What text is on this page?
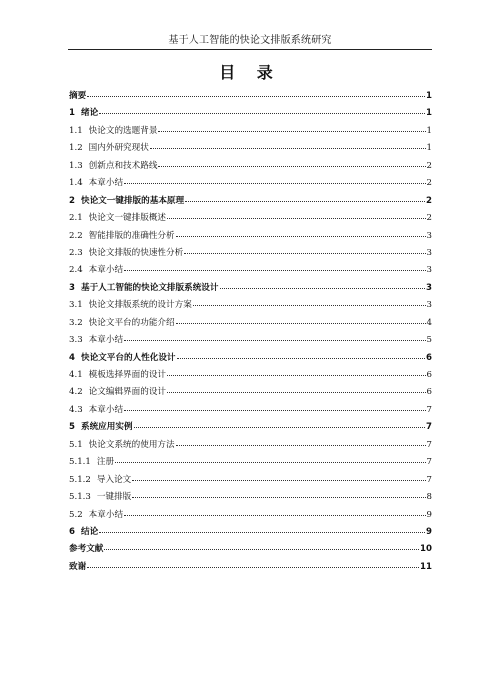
基于人工智能的快论文排版系统研究
目 录
摘要	1
1 绪论	1
1.1 快论文的选题背景	1
1.2 国内外研究现状	1
1.3 创新点和技术路线	2
1.4 本章小结	2
2 快论文一键排版的基本原理	2
2.1 快论文一键排版概述	2
2.2 智能排版的准确性分析	3
2.3 快论文排版的快速性分析	3
2.4 本章小结	3
3 基于人工智能的快论文排版系统设计	3
3.1 快论文排版系统的设计方案	3
3.2 快论文平台的功能介绍	4
3.3 本章小结	5
4 快论文平台的人性化设计	6
4.1 模板选择界面的设计	6
4.2 论文编辑界面的设计	6
4.3 本章小结	7
5 系统应用实例	7
5.1 快论文系统的使用方法	7
5.1.1 注册	7
5.1.2 导入论文	7
5.1.3 一键排版	8
5.2 本章小结	9
6 结论	9
参考文献	10
致谢	11
